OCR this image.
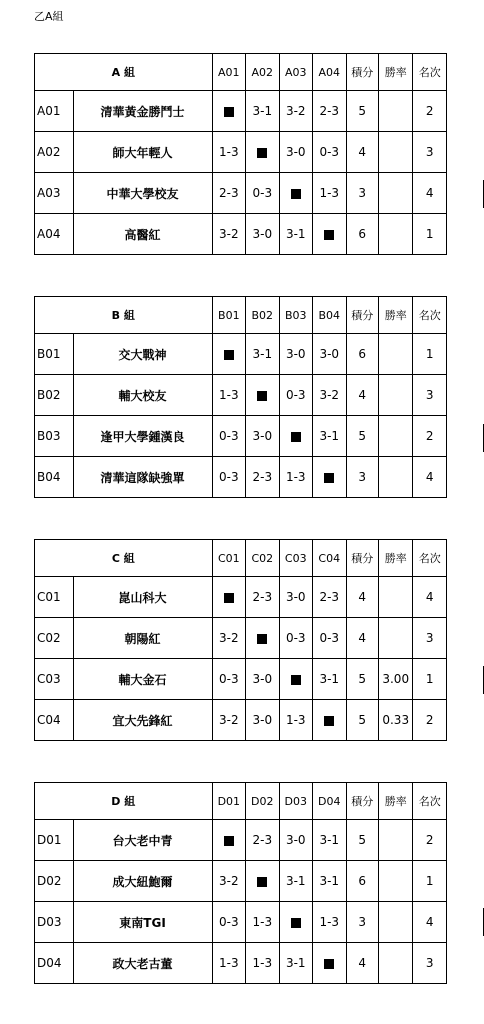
乙A組
A 組		A01	A02	A03	A04	積分	勝率	名次
A01	清華黃金勝鬥士		3-1	3-2	2-3	5		2
A02	師大年輕人	1-3		3-0	0-3	4		3
A03	中華大學校友	2-3	0-3		1-3	3		4
A04	高醫紅	3-2	3-0	3-1		6		1
B 組		B01	B02	B03	B04	積分	勝率	名次
B01	交大戰神		3-1	3-0	3-0	6		1
B02	輔大校友	1-3		0-3	3-2	4		3
B03	逢甲大學鍾漢良	0-3	3-0		3-1	5		2
B04	清華這隊缺強單	0-3	2-3	1-3		3		4
C 組		C01	C02	C03	C04	積分	勝率	名次
C01	崑山科大		2-3	3-0	2-3	4		4
C02	朝陽紅	3-2		0-3	0-3	4		3
C03	輔大金石	0-3	3-0		3-1	5	3.00	1
C04	宜大先鋒紅	3-2	3-0	1-3		5	0.33	2
D 組		D01	D02	D03	D04	積分	勝率	名次
D01	台大老中青		2-3	3-0	3-1	5		2
D02	成大紐鮑爾	3-2		3-1	3-1	6		1
D03	東南TGI	0-3	1-3		1-3	3		4
D04	政大老古董	1-3	1-3	3-1		4		3
